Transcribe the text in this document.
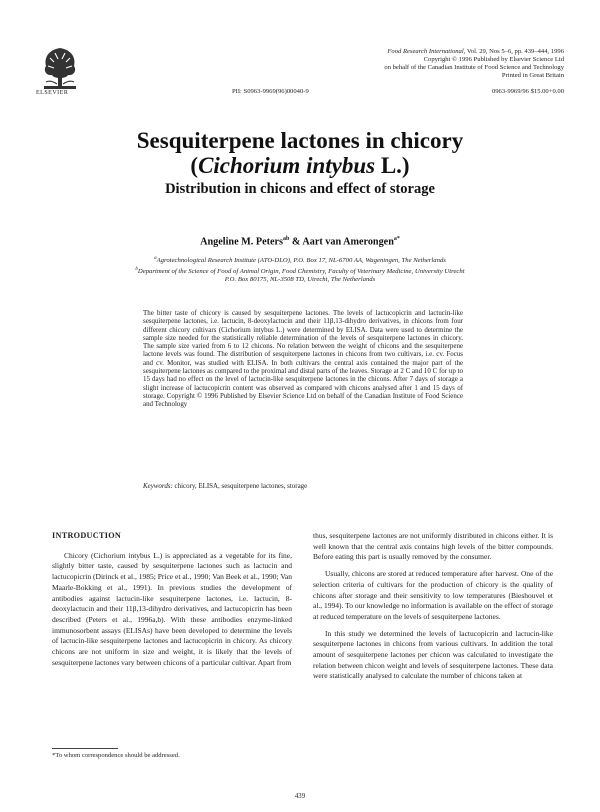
ELSEVIER
Food Research International, Vol. 29, Nos 5–6, pp. 439–444, 1996
Copyright © 1996 Published by Elsevier Science Ltd
on behalf of the Canadian Institute of Food Science and Technology
Printed in Great Britain
PII: S0963-9969(96)00040-9	0963-9969/96 $15.00+0.00
Sesquiterpene lactones in chicory
(Cichorium intybus L.)
Distribution in chicons and effect of storage
Angeline M. Peters$^{ab}$ & Aart van Amerongen$^{a*}$
$^a$Agrotechnological Research Institute (ATO-DLO), P.O. Box 17, NL-6700 AA, Wageningen, The Netherlands
$^b$Department of the Science of Food of Animal Origin, Food Chemistry, Faculty of Veterinary Medicine, University Utrecht
P.O. Box 80175, NL-3508 TD, Utrecht, The Netherlands
The bitter taste of chicory is caused by sesquiterpene lactones. The levels of lactucopicrin and lactucin-like sesquiterpene lactones, i.e. lactucin, 8-deoxylactucin and their 11β,13-dihydro derivatives, in chicons from four different chicory cultivars (Cichorium intybus L.) were determined by ELISA. Data were used to determine the sample size needed for the statistically reliable determination of the levels of sesquiterpene lactones in chicory. The sample size varied from 6 to 12 chicons. No relation between the weight of chicons and the sesquiterpene lactone levels was found. The distribution of sesquiterpene lactones in chicons from two cultivars, i.e. cv. Focus and cv. Monitor, was studied with ELISA. In both cultivars the central axis contained the major part of the sesquiterpene lactones as compared to the proximal and distal parts of the leaves. Storage at 2 C and 10 C for up to 15 days had no effect on the level of lactucin-like sesquiterpene lactones in the chicons. After 7 days of storage a slight increase of lactucopicrin content was observed as compared with chicons analysed after 1 and 15 days of storage. Copyright © 1996 Published by Elsevier Science Ltd on behalf of the Canadian Institute of Food Science and Technology
Keywords: chicory, ELISA, sesquiterpene lactones, storage

INTRODUCTION

Chicory (Cichorium intybus L.) is appreciated as a vegetable for its fine, slightly bitter taste, caused by sesquiterpene lactones such as lactucin and lactucopicrin (Dirinck et al., 1985; Price et al., 1990; Van Beek et al., 1990; Van Maarle-Bokking et al., 1991). In previous studies the development of antibodies against lactucin-like sesquiterpene lactones, i.e. lactucin, 8-deoxylactucin and their 11β,13-dihydro derivatives, and lactucopicrin has been described (Peters et al., 1996a,b). With these antibodies enzyme-linked immunosorbent assays (ELISAs) have been developed to determine the levels of lactucin-like sesquiterpene lactones and lactucopicrin in chicory. As chicory chicons are not uniform in size and weight, it is likely that the levels of sesquiterpene lactones vary between chicons of a particular cultivar. Apart from

thus, sesquiterpene lactones are not uniformly distributed in chicons either. It is well known that the central axis contains high levels of the bitter compounds. Before eating this part is usually removed by the consumer.

Usually, chicons are stored at reduced temperature after harvest. One of the selection criteria of cultivars for the production of chicory is the quality of chicons after storage and their sensitivity to low temperatures (Bieshouvel et al., 1994). To our knowledge no information is available on the effect of storage at reduced temperature on the levels of sesquiterpene lactones.

In this study we determined the levels of lactucopicrin and lactucin-like sesquiterpene lactones in chicons from various cultivars. In addition the total amount of sesquiterpene lactones per chicon was calculated to investigate the relation between chicon weight and levels of sesquiterpene lactones. These data were statistically analysed to calculate the number of chicons taken at

*To whom correspondence should be addressed.
439
